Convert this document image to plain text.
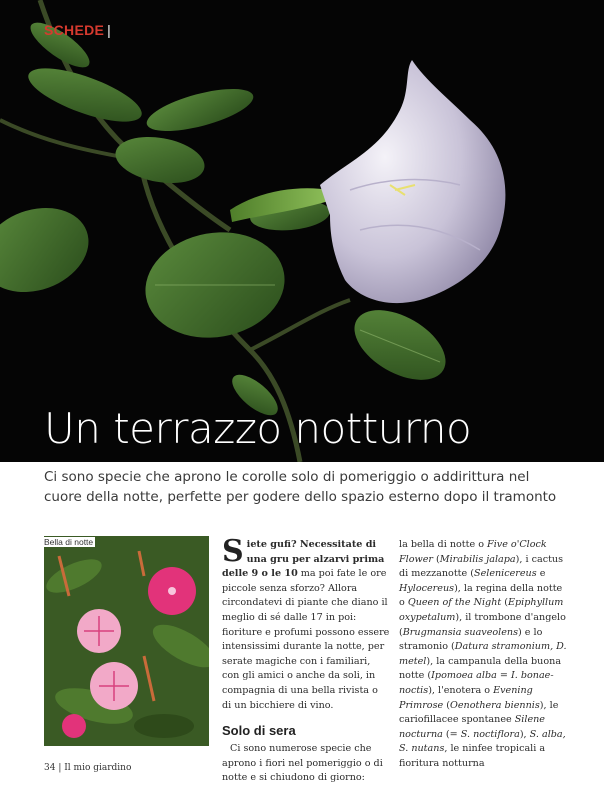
SCHEDE |
Un terrazzo notturno

Ci sono specie che aprono le corolle solo di pomeriggio o addirittura nel cuore della notte, perfette per godere dello spazio esterno dopo il tramonto

Bella di notte	Siete gufi? Necessitate di una gru per alzarvi prima delle 9 o le 10 ma poi fate le ore piccole senza sforzo? Allora circondatevi di piante che diano il meglio di sé dalle 17 in poi: fioriture e profumi possono essere intensissimi durante la notte, per serate magiche con i familiari, con gli amici o anche da soli, in compagnia di una bella rivista o di un bicchiere di vino.

Solo di sera

Ci sono numerose specie che aprono i fiori nel pomeriggio o di notte e si chiudono di giorno:

la bella di notte o Five o'Clock Flower (Mirabilis jalapa), i cactus di mezzanotte (Selenicereus e Hylocereus), la regina della notte o Queen of the Night (Epiphyllum oxypetalum), il trombone d'angelo (Brugmansia suaveolens) e lo stramonio (Datura stramonium, D. metel), la campanula della buona notte (Ipomoea alba = I. bonae-noctis), l'enotera o Evening Primrose (Oenothera biennis), le cariofillacee spontanee Silene nocturna (= S. noctiflora), S. alba, S. nutans, le ninfee tropicali a fioritura notturna

34 | Il mio giardino
